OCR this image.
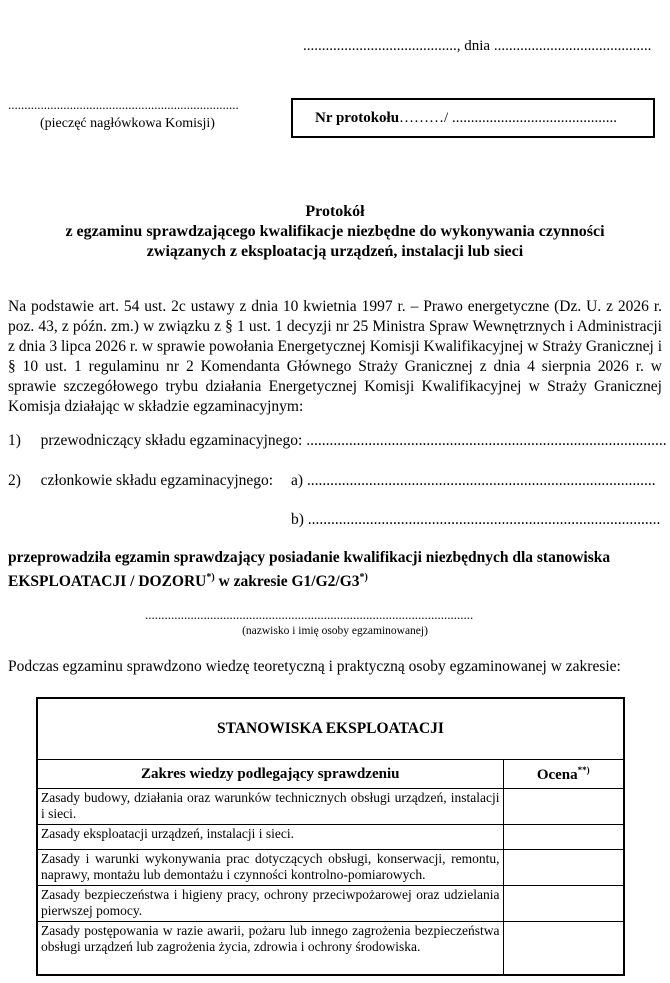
........................................., dnia ..........................................
.......................................................................
(pieczęć nagłówkowa Komisji)	Nr protokołu ………/ ............................................
Protokół
z egzaminu sprawdzającego kwalifikacje niezbędne do wykonywania czynności
związanych z eksploatacją urządzeń, instalacji lub sieci
Na podstawie art. 54 ust. 2c ustawy z dnia 10 kwietnia 1997 r. – Prawo energetyczne (Dz. U. z 2026 r. poz. 43, z późn. zm.) w związku z § 1 ust. 1 decyzji nr 25 Ministra Spraw Wewnętrznych i Administracji z dnia 3 lipca 2026 r. w sprawie powołania Energetycznej Komisji Kwalifikacyjnej w Straży Granicznej i § 10 ust. 1 regulaminu nr 2 Komendanta Głównego Straży Granicznej z dnia 4 sierpnia 2026 r. w sprawie szczegółowego trybu działania Energetycznej Komisji Kwalifikacyjnej w Straży Granicznej Komisja działając w składzie egzaminacyjnym:
1) przewodniczący składu egzaminacyjnego: .............................................................................................
2) członkowie składu egzaminacyjnego: a) ..........................................................................................
b) ...........................................................................................
przeprowadziła egzamin sprawdzający posiadanie kwalifikacji niezbędnych dla stanowiska
EKSPLOATACJI / DOZORU*) w zakresie G1/G2/G3*)
.....................................................................................................
(nazwisko i imię osoby egzaminowanej)
Podczas egzaminu sprawdzono wiedzę teoretyczną i praktyczną osoby egzaminowanej w zakresie:
STANOWISKA EKSPLOATACJI
Zakres wiedzy podlegający sprawdzeniu	Ocena**)
Zasady budowy, działania oraz warunków technicznych obsługi urządzeń, instalacji i sieci.	
Zasady eksploatacji urządzeń, instalacji i sieci.	
Zasady i warunki wykonywania prac dotyczących obsługi, konserwacji, remontu, naprawy, montażu lub demontażu i czynności kontrolno-pomiarowych.	
Zasady bezpieczeństwa i higieny pracy, ochrony przeciwpożarowej oraz udzielania pierwszej pomocy.	
Zasady postępowania w razie awarii, pożaru lub innego zagrożenia bezpieczeństwa obsługi urządzeń lub zagrożenia życia, zdrowia i ochrony środowiska.	
